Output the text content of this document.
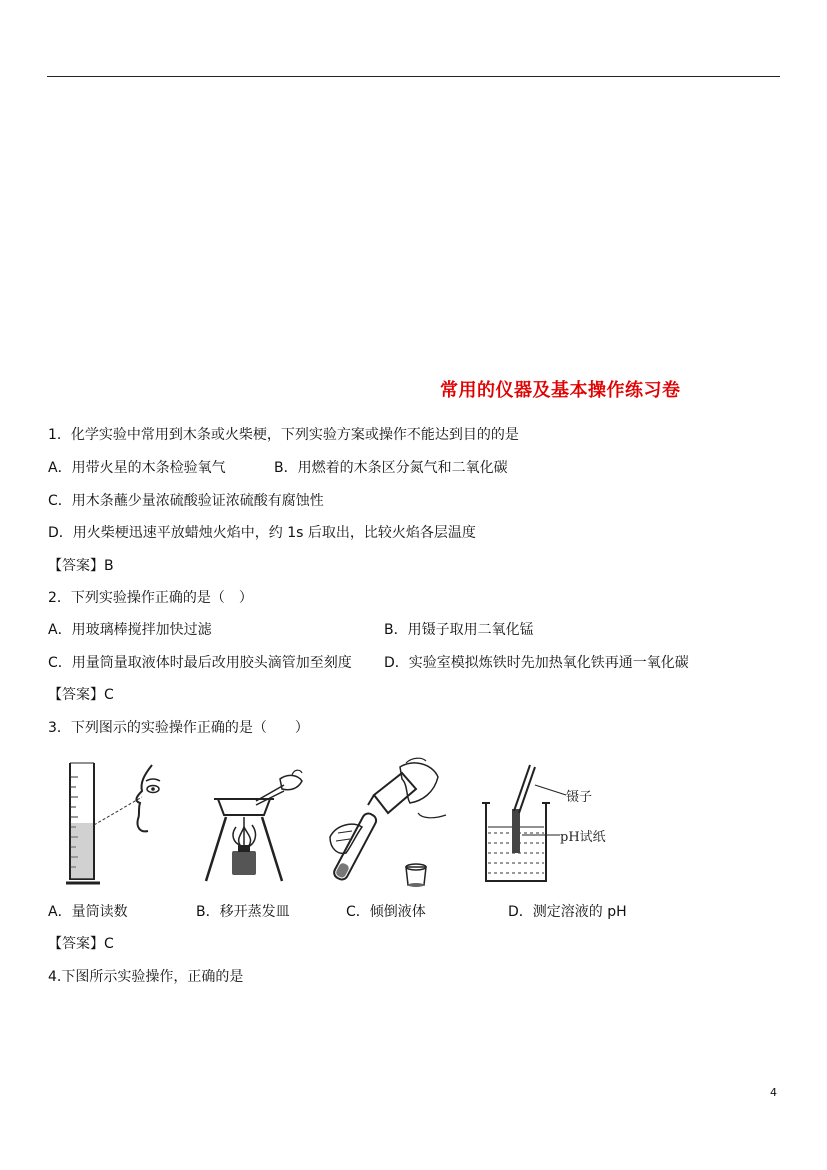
常用的仪器及基本操作练习卷
1．化学实验中常用到木条或火柴梗，下列实验方案或操作不能达到目的的是
A．用带火星的木条检验氧气	B．用燃着的木条区分氮气和二氧化碳
C．用木条蘸少量浓硫酸验证浓硫酸有腐蚀性
D．用火柴梗迅速平放蜡烛火焰中，约 1s 后取出，比较火焰各层温度
【答案】B
2．下列实验操作正确的是（　）
A．用玻璃棒搅拌加快过滤	B．用镊子取用二氧化锰
C．用量筒量取液体时最后改用胶头滴管加至刻度 D．实验室模拟炼铁时先加热氧化铁再通一氧化碳
【答案】C
3．下列图示的实验操作正确的是（　　）
镊子
pH试纸
A．量筒读数	B．移开蒸发皿	C．倾倒液体	D．测定溶液的 pH
【答案】C
4.下图所示实验操作，正确的是
4
